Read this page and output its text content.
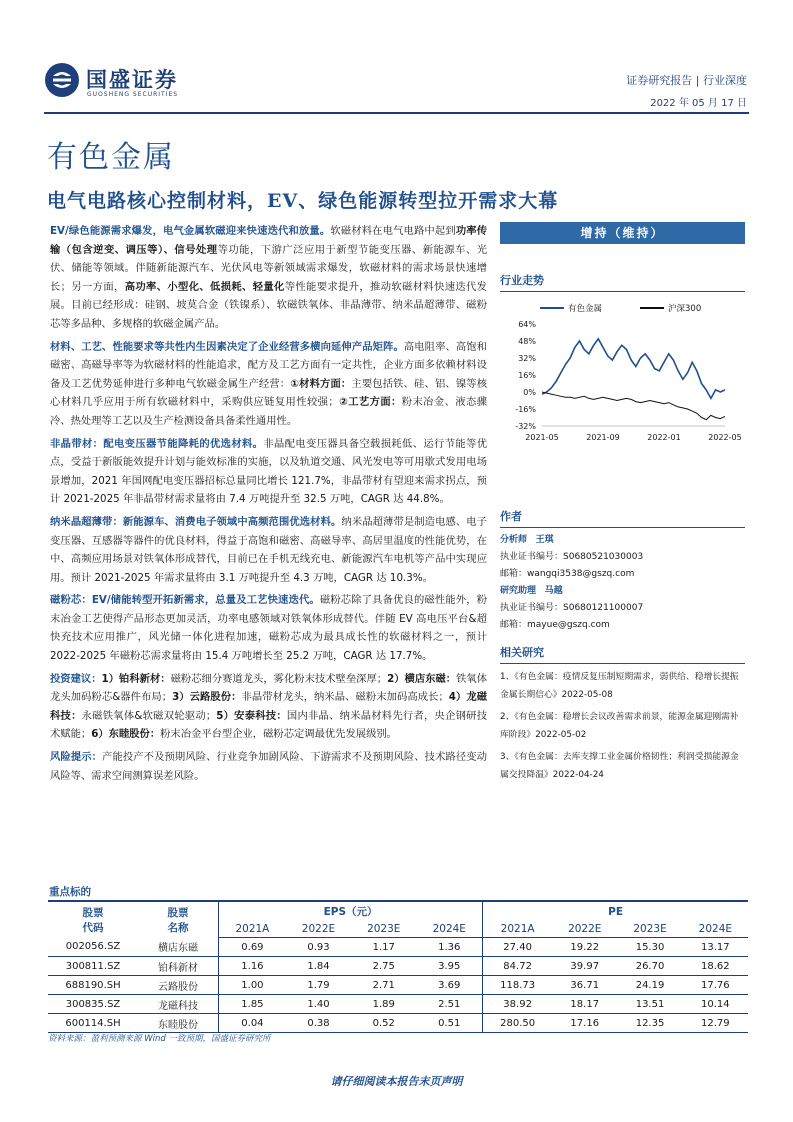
国盛证券
GUOSHENG SECURITIES
证券研究报告 | 行业深度
2022 年 05 月 17 日
有色金属
电气电路核心控制材料，EV、绿色能源转型拉开需求大幕

EV/绿色能源需求爆发，电气金属软磁迎来快速迭代和放量。软磁材料在电气电路中起到功率传输（包含逆变、调压等）、信号处理等功能，下游广泛应用于新型节能变压器、新能源车、光伏、储能等领域。伴随新能源汽车、光伏风电等新领域需求爆发，软磁材料的需求场景快速增长；另一方面，高功率、小型化、低损耗、轻量化等性能要求提升，推动软磁材料快速迭代发展。目前已经形成：硅钢、坡莫合金（铁镍系）、软磁铁氧体、非晶薄带、纳米晶超薄带、磁粉芯等多品种、多规格的软磁金属产品。

材料、工艺、性能要求等共性内生因素决定了企业经营多横向延伸产品矩阵。高电阻率、高饱和磁密、高磁导率等为软磁材料的性能追求，配方及工艺方面有一定共性，企业方面多依赖材料设备及工艺优势延伸进行多种电气软磁金属生产经营：①材料方面：主要包括铁、硅、铝、镍等核心材料几乎应用于所有软磁材料中，采购供应链复用性较强；②工艺方面：粉末冶金、液态骤冷、热处理等工艺以及生产检测设备具备柔性通用性。

非晶带材：配电变压器节能降耗的优选材料。非晶配电变压器具备空载损耗低、运行节能等优点，受益于新版能效提升计划与能效标准的实施，以及轨道交通、风光发电等可用歇式发用电场景增加，2021 年国网配电变压器招标总量同比增长 121.7%，非晶带材有望迎来需求拐点，预计 2021-2025 年非晶带材需求量将由 7.4 万吨提升至 32.5 万吨，CAGR 达 44.8%。

纳米晶超薄带：新能源车、消费电子领域中高频范围优选材料。纳米晶超薄带是制造电感、电子变压器、互感器等器件的优良材料，得益于高饱和磁密、高磁导率、高居里温度的性能优势，在中、高频应用场景对铁氧体形成替代，目前已在手机无线充电、新能源汽车电机等产品中实现应用。预计 2021-2025 年需求量将由 3.1 万吨提升至 4.3 万吨，CAGR 达 10.3%。

磁粉芯：EV/储能转型开拓新需求，总量及工艺快速迭代。磁粉芯除了具备优良的磁性能外，粉末冶金工艺使得产品形态更加灵活，功率电感领域对铁氧体形成替代。伴随 EV 高电压平台&超快充技术应用推广，风光储一体化进程加速，磁粉芯成为最具成长性的软磁材料之一，预计 2022-2025 年磁粉芯需求量将由 15.4 万吨增长至 25.2 万吨，CAGR 达 17.7%。

投资建议：1）铂科新材：磁粉芯细分赛道龙头，雾化粉末技术壁垒深厚；2）横店东磁：铁氧体龙头加码粉芯&器件布局；3）云路股份：非晶带材龙头，纳米晶、磁粉末加码高成长；4）龙磁科技：永磁铁氧体&软磁双轮驱动；5）安泰科技：国内非晶、纳米晶材料先行者，央企钢研技术赋能；6）东睦股份：粉末冶金平台型企业，磁粉芯定调最优先发展级别。

风险提示：产能投产不及预期风险、行业竞争加剧风险、下游需求不及预期风险、技术路径变动风险等、需求空间测算误差风险。

增持（维持）
行业走势
有色金属	沪深300
64%
48%
32%
16%
0%
-16%
-32%
2021-05	2021-09	2022-01	2022-05
作者
分析师 王琪
执业证书编号：S0680521030003
邮箱：wangqi3538@gszq.com
研究助理 马越
执业证书编号：S0680121100007
邮箱：mayue@gszq.com
相关研究
1、《有色金属：疫情反复压制短期需求，弱供给、稳增长提振金属长期信心》2022-05-08
2、《有色金属：稳增长会议改善需求前景，能源金属迎刚需补库阶段》2022-05-02
3、《有色金属：去库支撑工业金属价格韧性；利润受损能源金属交投降温》2022-04-24
重点标的
股票
代码	股票
名称	EPS（元）				PE			
		2021A	2022E	2023E	2024E	2021A	2022E	2023E	2024E
002056.SZ	横店东磁	0.69	0.93	1.17	1.36	27.40	19.22	15.30	13.17
300811.SZ	铂科新材	1.16	1.84	2.75	3.95	84.72	39.97	26.70	18.62
688190.SH	云路股份	1.00	1.79	2.71	3.69	118.73	36.71	24.19	17.76
300835.SZ	龙磁科技	1.85	1.40	1.89	2.51	38.92	18.17	13.51	10.14
600114.SH	东睦股份	0.04	0.38	0.52	0.51	280.50	17.16	12.35	12.79
资料来源：盈利预测来源 Wind 一致预期，国盛证券研究所
请仔细阅读本报告末页声明
